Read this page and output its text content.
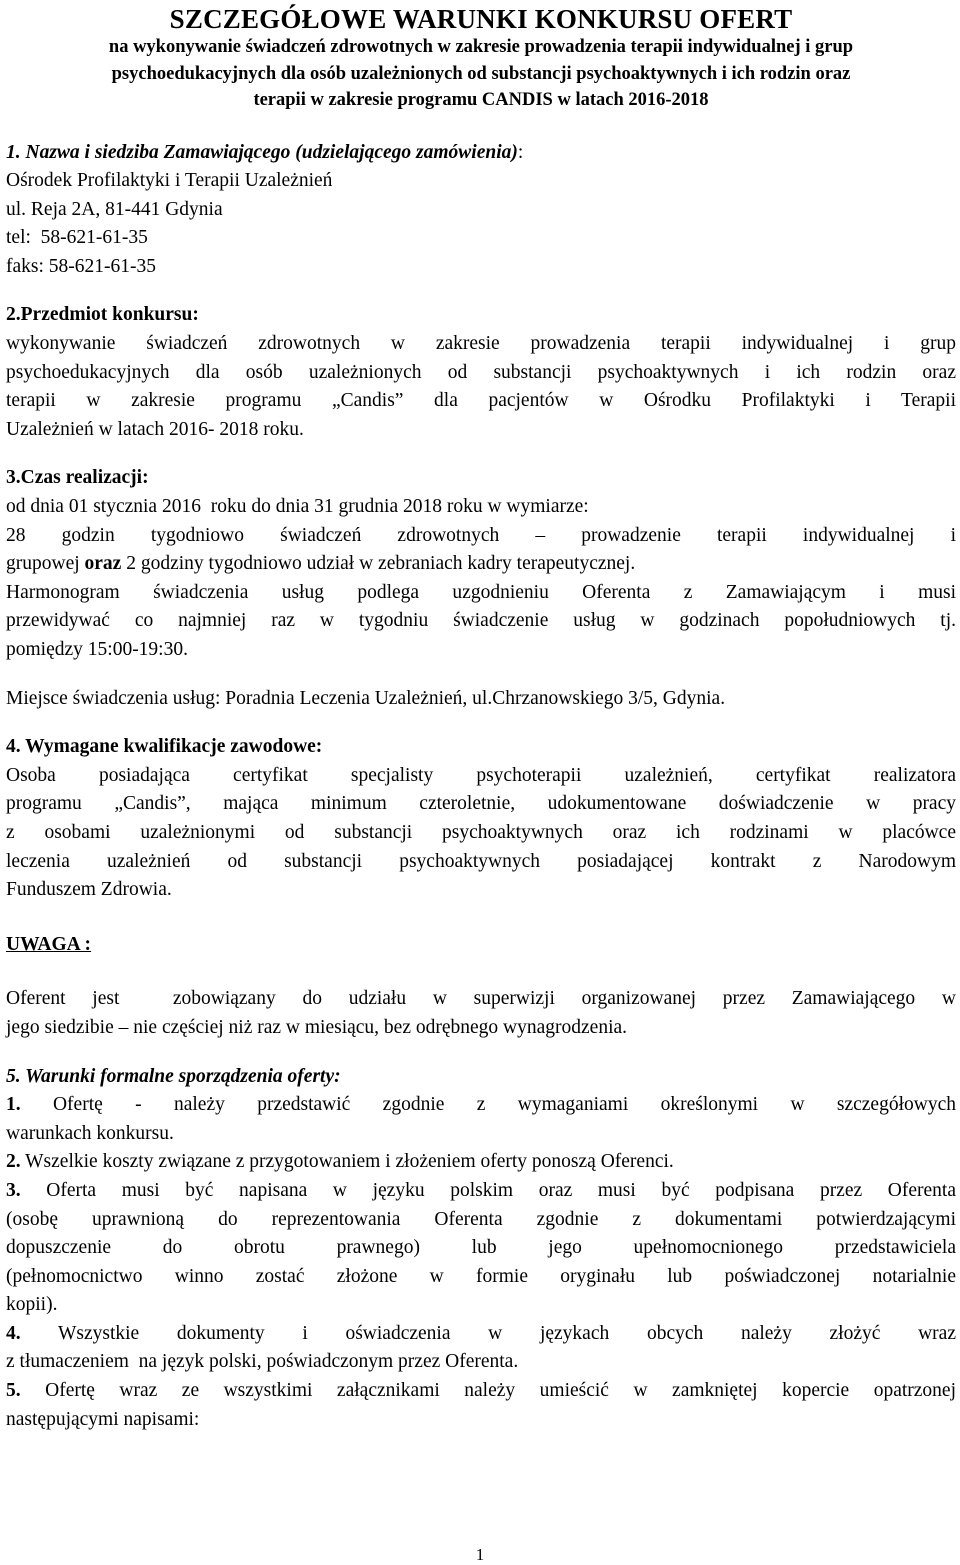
SZCZEGÓŁOWE WARUNKI KONKURSU OFERT
na wykonywanie świadczeń zdrowotnych w zakresie prowadzenia terapii indywidualnej i grup
psychoedukacyjnych dla osób uzależnionych od substancji psychoaktywnych i ich rodzin oraz
terapii w zakresie programu CANDIS w latach 2016-2018

1. Nazwa i siedziba Zamawiającego (udzielającego zamówienia):

Ośrodek Profilaktyki i Terapii Uzależnień

ul. Reja 2A, 81-441 Gdynia

tel:  58-621-61-35

faks: 58-621-61-35

2.Przedmiot konkursu:

wykonywanie świadczeń zdrowotnych w zakresie prowadzenia terapii indywidualnej i grup

psychoedukacyjnych dla osób uzależnionych od substancji psychoaktywnych i ich rodzin oraz

terapii w zakresie programu „Candis” dla pacjentów w Ośrodku Profilaktyki i Terapii

Uzależnień w latach 2016- 2018 roku.

3.Czas realizacji:

od dnia 01 stycznia 2016  roku do dnia 31 grudnia 2018 roku w wymiarze:

28 godzin tygodniowo świadczeń zdrowotnych – prowadzenie terapii indywidualnej i

grupowej oraz 2 godziny tygodniowo udział w zebraniach kadry terapeutycznej.

Harmonogram świadczenia usług podlega uzgodnieniu Oferenta z Zamawiającym i musi

przewidywać co najmniej raz w tygodniu świadczenie usług w godzinach popołudniowych tj.

pomiędzy 15:00-19:30.

Miejsce świadczenia usług: Poradnia Leczenia Uzależnień, ul.Chrzanowskiego 3/5, Gdynia.

4. Wymagane kwalifikacje zawodowe:

Osoba posiadająca certyfikat specjalisty psychoterapii uzależnień, certyfikat realizatora

programu „Candis”, mająca minimum czteroletnie, udokumentowane doświadczenie w pracy

z osobami uzależnionymi od substancji psychoaktywnych oraz ich rodzinami w placówce

leczenia uzależnień od substancji psychoaktywnych posiadającej kontrakt z Narodowym

Funduszem Zdrowia.

UWAGA :

Oferent jest  zobowiązany do udziału w superwizji organizowanej przez Zamawiającego w

jego siedzibie – nie częściej niż raz w miesiącu, bez odrębnego wynagrodzenia.

5. Warunki formalne sporządzenia oferty:

1. Ofertę - należy przedstawić zgodnie z wymaganiami określonymi w szczegółowych

warunkach konkursu.

2. Wszelkie koszty związane z przygotowaniem i złożeniem oferty ponoszą Oferenci.

3. Oferta musi być napisana w języku polskim oraz musi być podpisana przez Oferenta

(osobę uprawnioną do reprezentowania Oferenta zgodnie z dokumentami potwierdzającymi

dopuszczenie do obrotu prawnego) lub jego upełnomocnionego przedstawiciela

(pełnomocnictwo winno zostać złożone w formie oryginału lub poświadczonej notarialnie

kopii).

4. Wszystkie dokumenty i oświadczenia w językach obcych należy złożyć wraz

z tłumaczeniem  na język polski, poświadczonym przez Oferenta.

5. Ofertę wraz ze wszystkimi załącznikami należy umieścić w zamkniętej kopercie opatrzonej

następującymi napisami:

1
